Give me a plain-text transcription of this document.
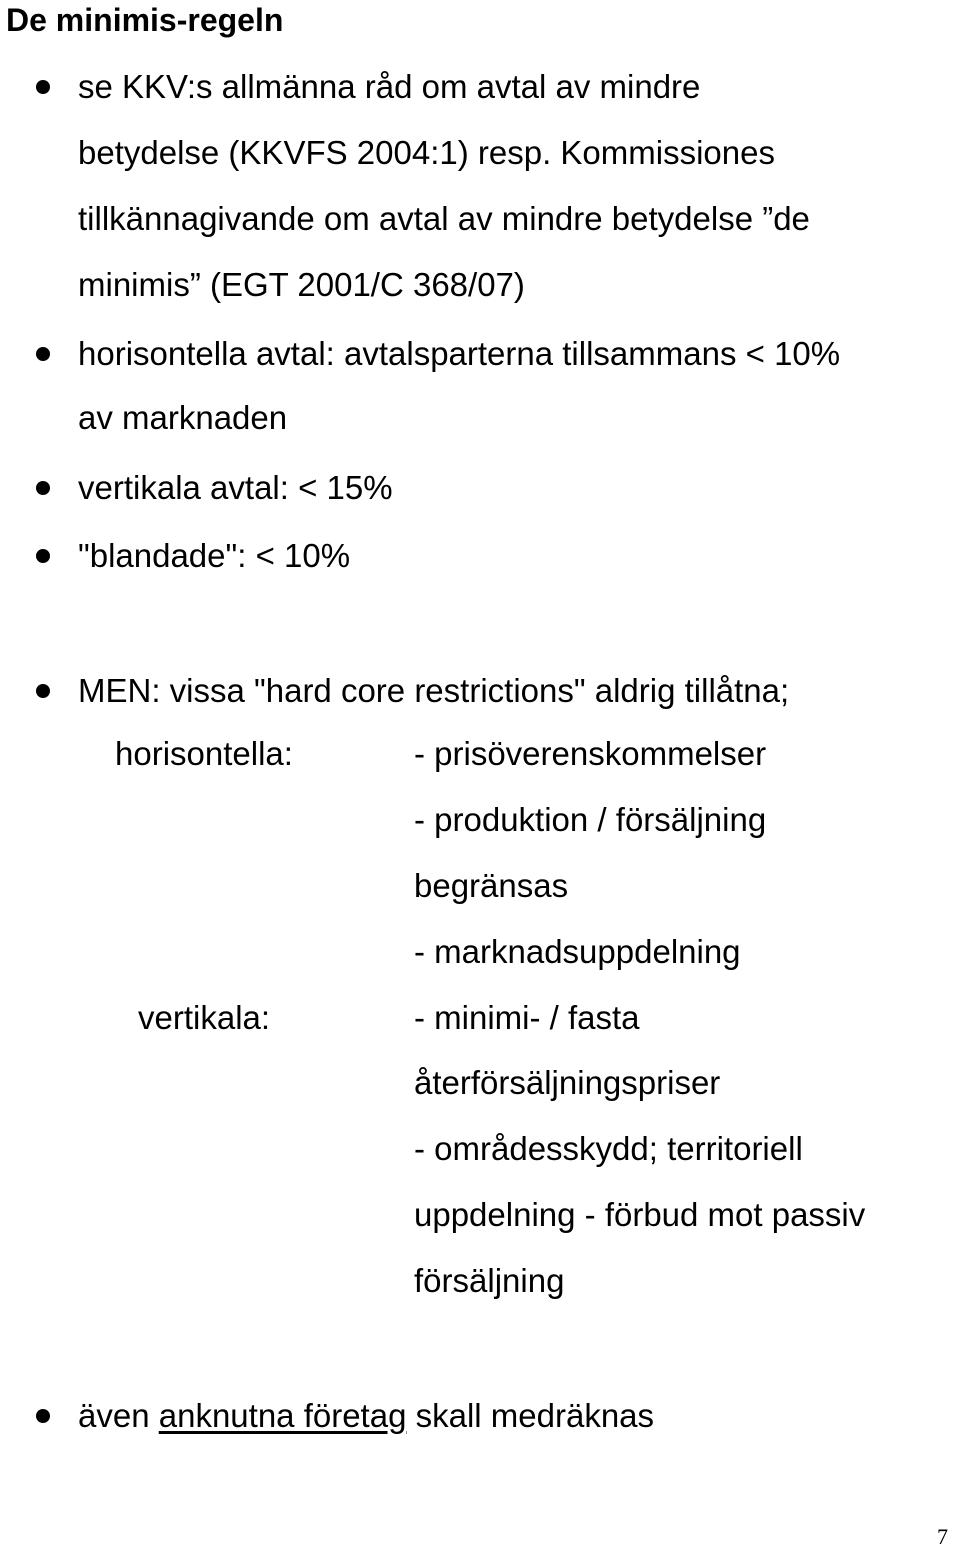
De minimis-regeln
se KKV:s allmänna råd om avtal av mindre
betydelse (KKVFS 2004:1) resp. Kommissiones
tillkännagivande om avtal av mindre betydelse ”de
minimis” (EGT 2001/C 368/07)
horisontella avtal: avtalsparterna tillsammans < 10%
av marknaden
vertikala avtal: < 15%
"blandade": < 10%
MEN: vissa "hard core restrictions" aldrig tillåtna;
horisontella:	- prisöverenskommelser
- produktion / försäljning
begränsas
- marknadsuppdelning
vertikala:	- minimi- / fasta
återförsäljningspriser
- områdesskydd; territoriell
uppdelning - förbud mot passiv
försäljning
även anknutna företag skall medräknas
7
